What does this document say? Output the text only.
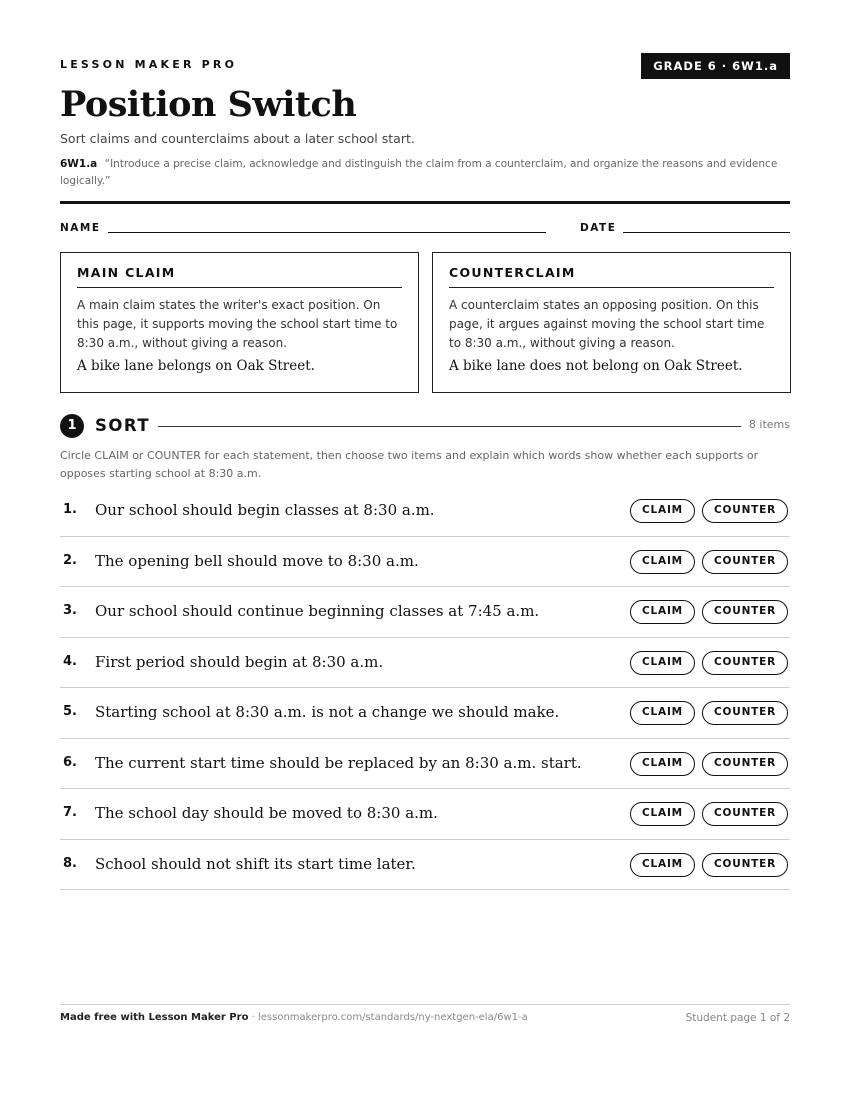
LESSON MAKER PRO	GRADE 6 · 6W1.a
Position Switch
Sort claims and counterclaims about a later school start.
6W1.a “Introduce a precise claim, acknowledge and distinguish the claim from a counterclaim, and organize the reasons and evidence logically.”
NAME	DATE
MAIN CLAIM
A main claim states the writer's exact position. On this page, it supports moving the school start time to 8:30 a.m., without giving a reason.
A bike lane belongs on Oak Street.
COUNTERCLAIM
A counterclaim states an opposing position. On this page, it argues against moving the school start time to 8:30 a.m., without giving a reason.
A bike lane does not belong on Oak Street.
1	SORT	8 items
Circle CLAIM or COUNTER for each statement, then choose two items and explain which words show whether each supports or opposes starting school at 8:30 a.m.
1. Our school should begin classes at 8:30 a.m.	CLAIM	COUNTER
2. The opening bell should move to 8:30 a.m.	CLAIM	COUNTER
3. Our school should continue beginning classes at 7:45 a.m.	CLAIM	COUNTER
4. First period should begin at 8:30 a.m.	CLAIM	COUNTER
5. Starting school at 8:30 a.m. is not a change we should make.	CLAIM	COUNTER
6. The current start time should be replaced by an 8:30 a.m. start.	CLAIM	COUNTER
7. The school day should be moved to 8:30 a.m.	CLAIM	COUNTER
8. School should not shift its start time later.	CLAIM	COUNTER
Made free with Lesson Maker Pro · lessonmakerpro.com/standards/ny-nextgen-ela/6w1-a	Student page 1 of 2
